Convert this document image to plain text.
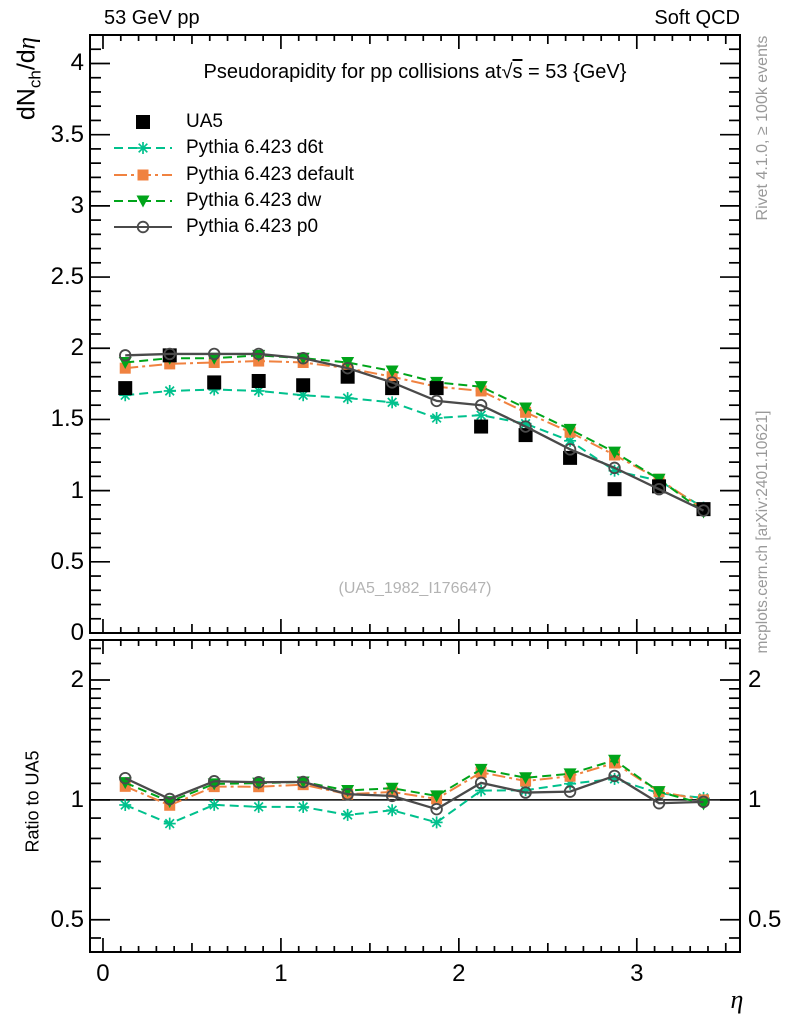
53 GeV pp	Soft QCD
Pseudorapidity for pp collisions at√s = 53 {GeV}
UA5
Pythia 6.423 d6t
Pythia 6.423 default
Pythia 6.423 dw
Pythia 6.423 p0
$dN_{ch}/d\eta$
Ratio to UA5
Rivet 4.1.0, ≥ 100k events
mcplots.cern.ch [arXiv:2401.10621]
(UA5_1982_I176647)
η
0
0.5
1
1.5
2
2.5
3
3.5
4
0.5	0.5
1	1
2	2
0	1	2	3
